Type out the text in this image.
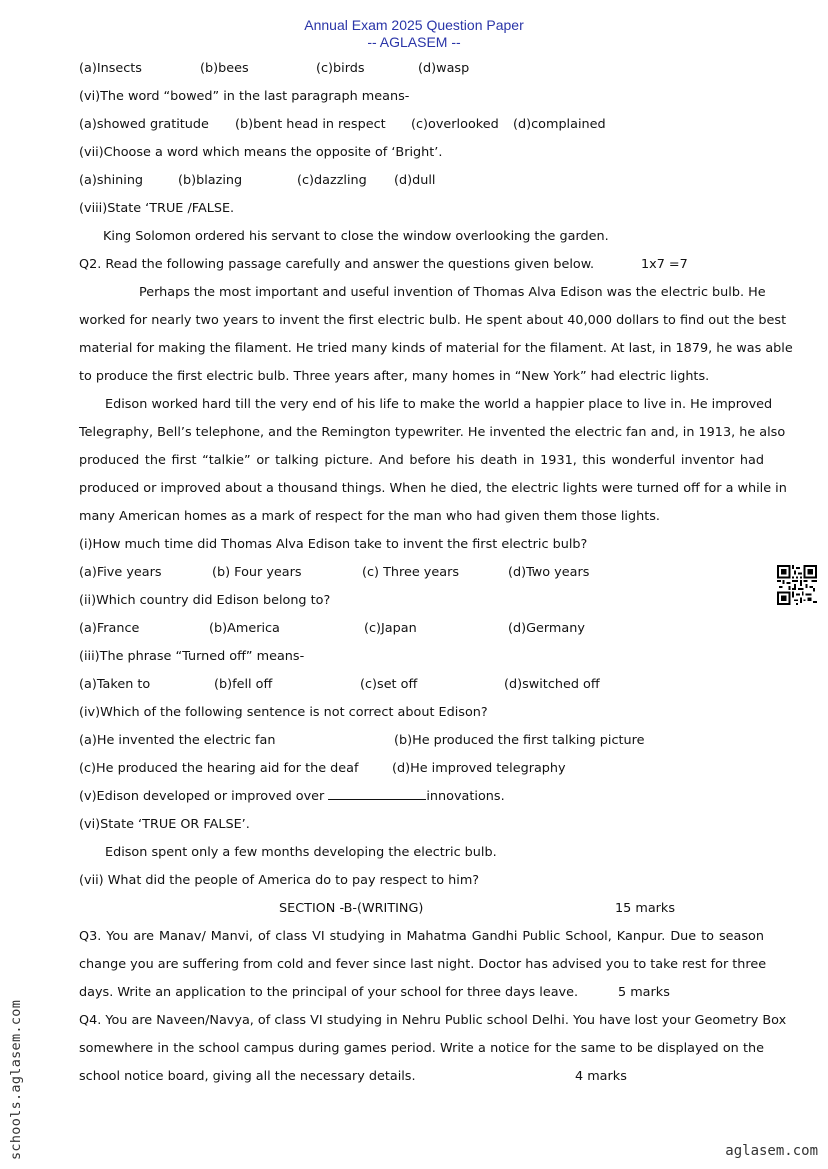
Annual Exam 2025 Question Paper
-- AGLASEM --
(a)Insects	(b)bees	(c)birds	(d)wasp
(vi)The word “bowed” in the last paragraph means-
(a)showed gratitude (b)bent head in respect (c)overlooked (d)complained
(vii)Choose a word which means the opposite of ‘Bright’.
(a)shining	(b)blazing	(c)dazzling (d)dull
(viii)State ‘TRUE /FALSE.
King Solomon ordered his servant to close the window overlooking the garden.
Q2. Read the following passage carefully and answer the questions given below.	1x7 =7
Perhaps the most important and useful invention of Thomas Alva Edison was the electric bulb. He
worked for nearly two years to invent the first electric bulb. He spent about 40,000 dollars to find out the best
material for making the filament. He tried many kinds of material for the filament. At last, in 1879, he was able
to produce the first electric bulb. Three years after, many homes in “New York” had electric lights.
Edison worked hard till the very end of his life to make the world a happier place to live in. He improved
Telegraphy, Bell’s telephone, and the Remington typewriter. He invented the electric fan and, in 1913, he also
produced the first “talkie” or talking picture. And before his death in 1931, this wonderful inventor had
produced or improved about a thousand things. When he died, the electric lights were turned off for a while in
many American homes as a mark of respect for the man who had given them those lights.
(i)How much time did Thomas Alva Edison take to invent the first electric bulb?
(a)Five years	(b) Four years	(c) Three years	(d)Two years
(ii)Which country did Edison belong to?
(a)France	(b)America	(c)Japan	(d)Germany
(iii)The phrase “Turned off” means-
(a)Taken to	(b)fell off	(c)set off	(d)switched off
(iv)Which of the following sentence is not correct about Edison?
(a)He invented the electric fan	(b)He produced the first talking picture
(c)He produced the hearing aid for the deaf	(d)He improved telegraphy
(v)Edison developed or improved over	innovations.
(vi)State ‘TRUE OR FALSE’.
Edison spent only a few months developing the electric bulb.
(vii) What did the people of America do to pay respect to him?
SECTION -B-(WRITING)	15 marks
Q3. You are Manav/ Manvi, of class VI studying in Mahatma Gandhi Public School, Kanpur. Due to season
change you are suffering from cold and fever since last night. Doctor has advised you to take rest for three
days. Write an application to the principal of your school for three days leave.	5 marks
Q4. You are Naveen/Navya, of class VI studying in Nehru Public school Delhi. You have lost your Geometry Box
somewhere in the school campus during games period. Write a notice for the same to be displayed on the
school notice board, giving all the necessary details.	4 marks
schools.aglasem.com	aglasem.com
